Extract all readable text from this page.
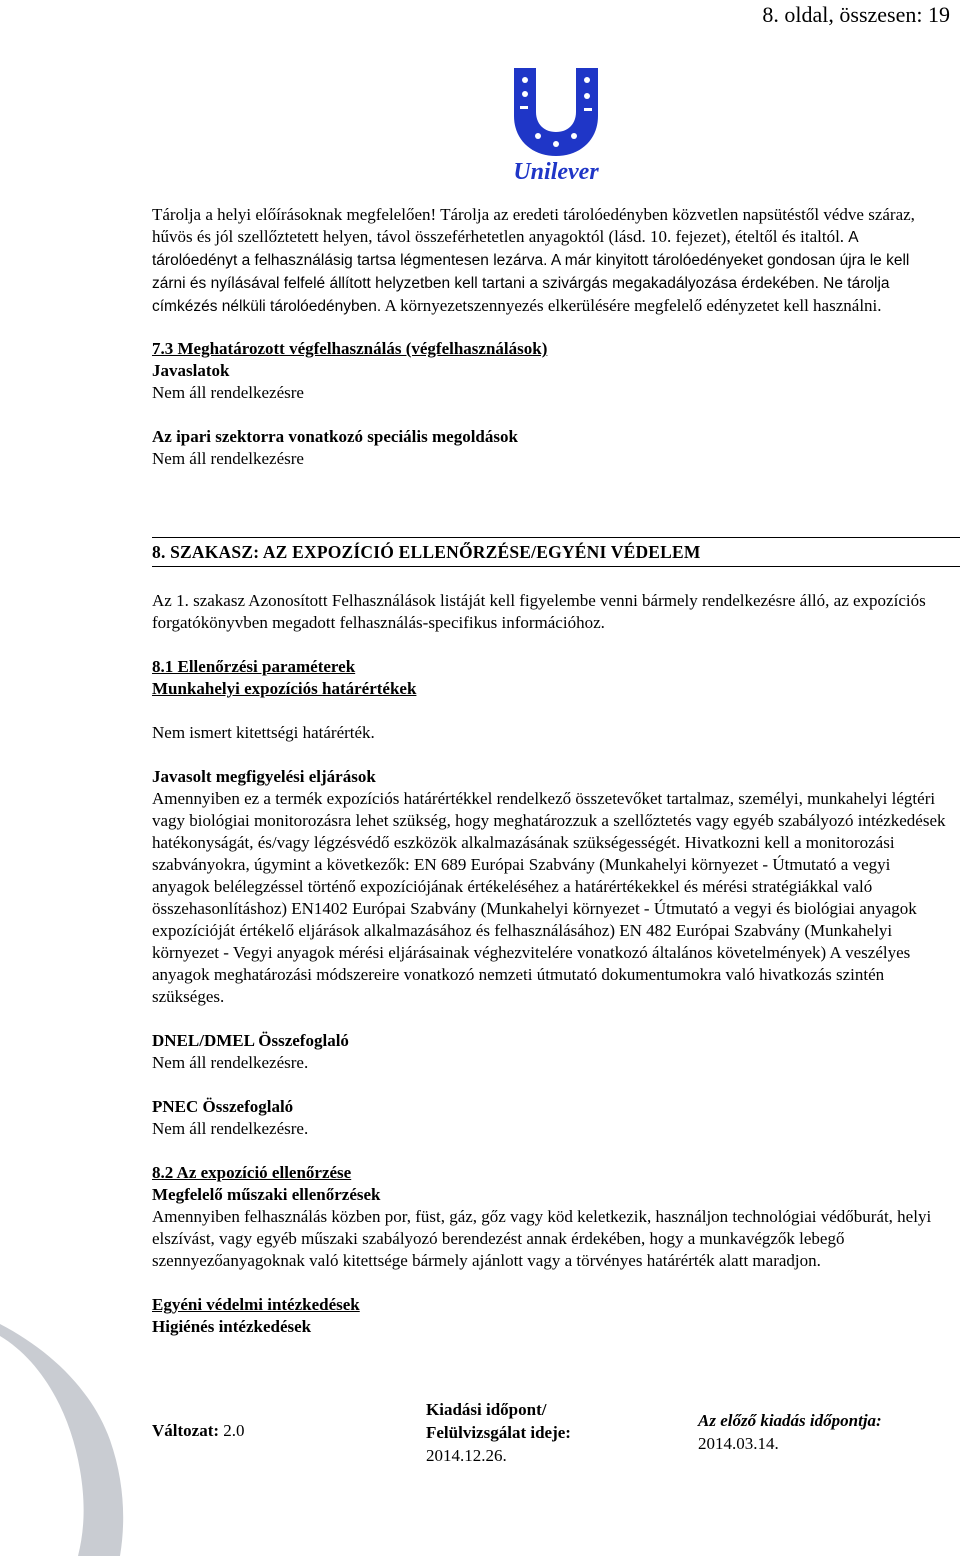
8. oldal, összesen: 19
Unilever

Tárolja a helyi előírásoknak megfelelően! Tárolja az eredeti tárolóedényben közvetlen napsütéstől védve száraz, hűvös és jól szellőztetett helyen, távol összeférhetetlen anyagoktól (lásd. 10. fejezet), ételtől és italtól. A tárolóedényt a felhasználásig tartsa légmentesen lezárva. A már kinyitott tárolóedényeket gondosan újra le kell zárni és nyílásával felfelé állított helyzetben kell tartani a szivárgás megakadályozása érdekében. Ne tárolja címkézés nélküli tárolóedényben. A környezetszennyezés elkerülésére megfelelő edényzetet kell használni.

7.3 Meghatározott végfelhasználás (végfelhasználások)

Javaslatok

Nem áll rendelkezésre

Az ipari szektorra vonatkozó speciális megoldások

Nem áll rendelkezésre

8. SZAKASZ: AZ EXPOZÍCIÓ ELLENŐRZÉSE/EGYÉNI VÉDELEM

Az 1. szakasz Azonosított Felhasználások listáját kell figyelembe venni bármely rendelkezésre álló, az expozíciós forgatókönyvben megadott felhasználás-specifikus információhoz.

8.1 Ellenőrzési paraméterek

Munkahelyi expozíciós határértékek

Nem ismert kitettségi határérték.

Javasolt megfigyelési eljárások

Amennyiben ez a termék expozíciós határértékkel rendelkező összetevőket tartalmaz, személyi, munkahelyi légtéri vagy biológiai monitorozásra lehet szükség, hogy meghatározzuk a szellőztetés vagy egyéb szabályozó intézkedések hatékonyságát, és/vagy légzésvédő eszközök alkalmazásának szükségességét. Hivatkozni kell a monitorozási szabványokra, úgymint a következők: EN 689 Európai Szabvány (Munkahelyi környezet - Útmutató a vegyi anyagok belélegzéssel történő expozíciójának értékeléséhez a határértékekkel és mérési stratégiákkal való összehasonlításhoz) EN1402 Európai Szabvány (Munkahelyi környezet - Útmutató a vegyi és biológiai anyagok expozícióját értékelő eljárások alkalmazásához és felhasználásához) EN 482 Európai Szabvány (Munkahelyi környezet - Vegyi anyagok mérési eljárásainak véghezvitelére vonatkozó általános követelmények) A veszélyes anyagok meghatározási módszereire vonatkozó nemzeti útmutató dokumentumokra való hivatkozás szintén szükséges.

DNEL/DMEL Összefoglaló

Nem áll rendelkezésre.

PNEC Összefoglaló

Nem áll rendelkezésre.

8.2 Az expozíció ellenőrzése

Megfelelő műszaki ellenőrzések

Amennyiben felhasználás közben por, füst, gáz, gőz vagy köd keletkezik, használjon technológiai védőburát, helyi elszívást, vagy egyéb műszaki szabályozó berendezést annak érdekében, hogy a munkavégzők lebegő szennyezőanyagoknak való kitettsége bármely ajánlott vagy a törvényes határérték alatt maradjon.

Egyéni védelmi intézkedések

Higiénés intézkedések

Változat: 2.0
Kiadási időpont/
Felülvizsgálat ideje:
2014.12.26.
Az előző kiadás időpontja:
2014.03.14.
